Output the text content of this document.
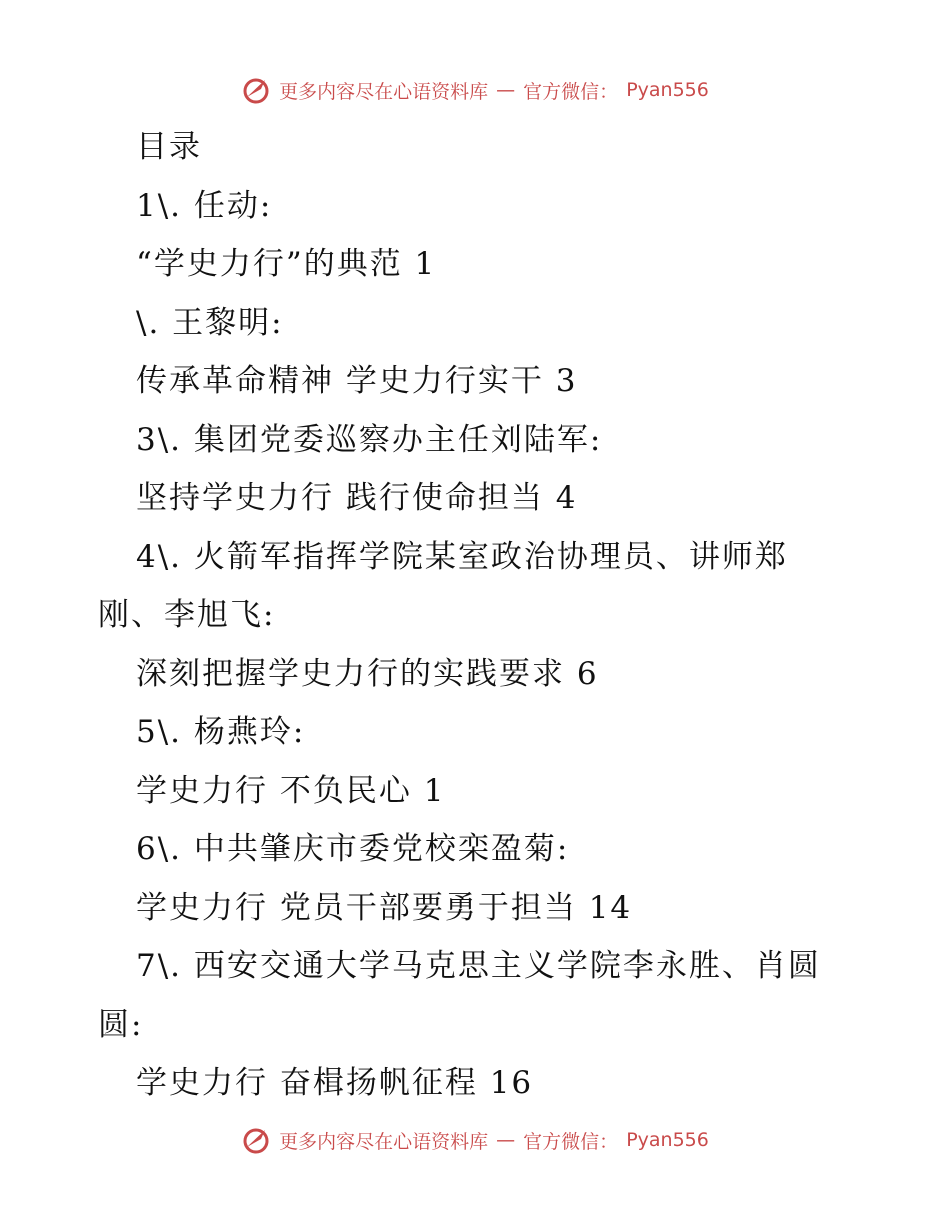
更多内容尽在心语资料库 — 官方微信： Pyan556
目录
1\. 任动:
“学史力行”的典范 1
\. 王黎明:
传承革命精神 学史力行实干 3
3\. 集团党委巡察办主任刘陆军:
坚持学史力行 践行使命担当 4
4\. 火箭军指挥学院某室政治协理员、讲师郑
刚、李旭飞:
深刻把握学史力行的实践要求 6
5\. 杨燕玲:
学史力行 不负民心 1
6\. 中共肇庆市委党校栾盈菊:
学史力行 党员干部要勇于担当 14
7\. 西安交通大学马克思主义学院李永胜、肖圆
圆:
学史力行 奋楫扬帆征程 16
更多内容尽在心语资料库 — 官方微信： Pyan556
